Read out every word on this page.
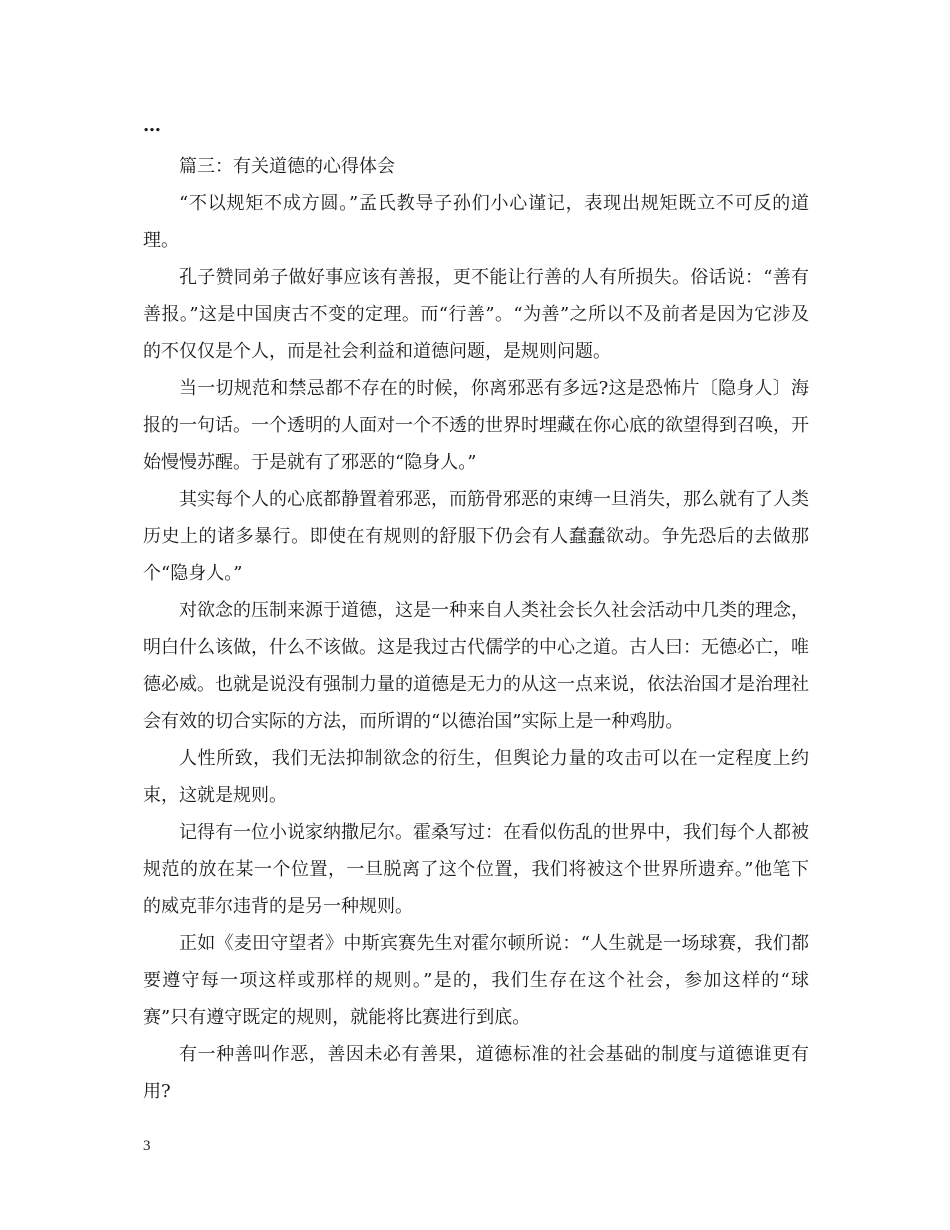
…

篇三：有关道德的心得体会

“不以规矩不成方圆。”孟氏教导子孙们小心谨记，表现出规矩既立不可反的道理。

孔子赞同弟子做好事应该有善报，更不能让行善的人有所损失。俗话说：“善有善报。”这是中国庚古不变的定理。而“行善”。“为善”之所以不及前者是因为它涉及的不仅仅是个人，而是社会利益和道德问题，是规则问题。

当一切规范和禁忌都不存在的时候，你离邪恶有多远?这是恐怖片〔隐身人〕海报的一句话。一个透明的人面对一个不透的世界时埋藏在你心底的欲望得到召唤，开始慢慢苏醒。于是就有了邪恶的“隐身人。”

其实每个人的心底都静置着邪恶，而筋骨邪恶的束缚一旦消失，那么就有了人类历史上的诸多暴行。即使在有规则的舒服下仍会有人蠢蠢欲动。争先恐后的去做那个“隐身人。”

对欲念的压制来源于道德，这是一种来自人类社会长久社会活动中几类的理念，明白什么该做，什么不该做。这是我过古代儒学的中心之道。古人曰：无德必亡，唯德必威。也就是说没有强制力量的道德是无力的从这一点来说，依法治国才是治理社会有效的切合实际的方法，而所谓的“以德治国”实际上是一种鸡肋。

人性所致，我们无法抑制欲念的衍生，但舆论力量的攻击可以在一定程度上约束，这就是规则。

记得有一位小说家纳撒尼尔。霍桑写过：在看似伤乱的世界中，我们每个人都被规范的放在某一个位置，一旦脱离了这个位置，我们将被这个世界所遗弃。”他笔下的威克菲尔违背的是另一种规则。

正如《麦田守望者》中斯宾赛先生对霍尔顿所说：“人生就是一场球赛，我们都要遵守每一项这样或那样的规则。”是的，我们生存在这个社会，参加这样的“球赛”只有遵守既定的规则，就能将比赛进行到底。

有一种善叫作恶，善因未必有善果，道德标准的社会基础的制度与道德谁更有用?

3
